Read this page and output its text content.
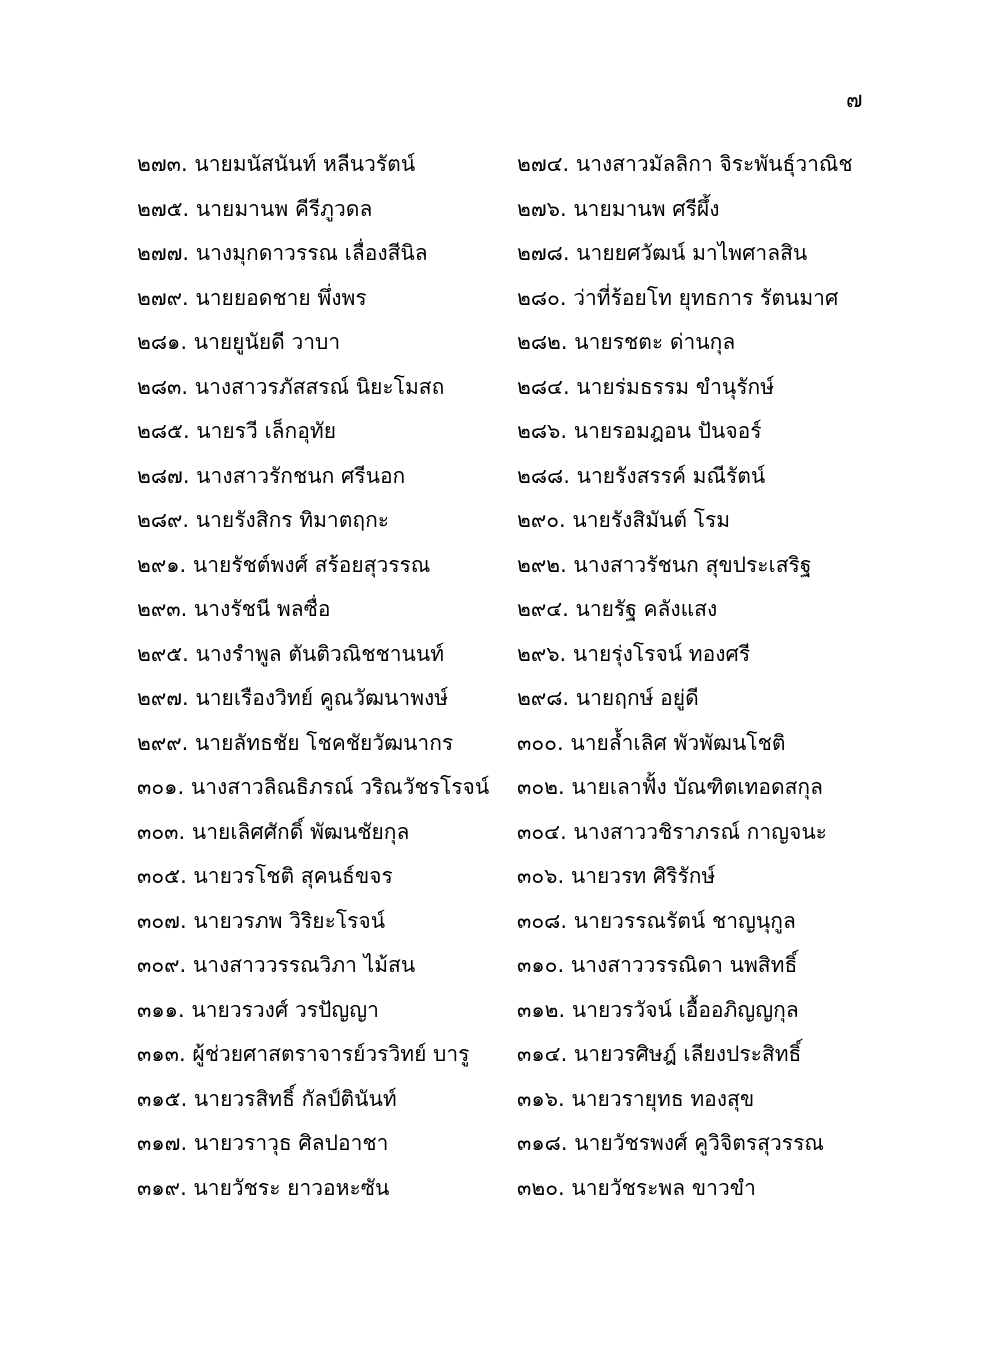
๗
๒๗๓. นายมนัสนันท์ หลีนวรัตน์	๒๗๔. นางสาวมัลลิกา จิระพันธุ์วาณิช
๒๗๕. นายมานพ คีรีภูวดล	๒๗๖. นายมานพ ศรีผึ้ง
๒๗๗. นางมุกดาวรรณ เลื่องสีนิล	๒๗๘. นายยศวัฒน์ มาไพศาลสิน
๒๗๙. นายยอดชาย พึ่งพร	๒๘๐. ว่าที่ร้อยโท ยุทธการ รัตนมาศ
๒๘๑. นายยูนัยดี วาบา	๒๘๒. นายรชตะ ด่านกุล
๒๘๓. นางสาวรภัสสรณ์ นิยะโมสถ	๒๘๔. นายร่มธรรม ขำนุรักษ์
๒๘๕. นายรวี เล็กอุทัย	๒๘๖. นายรอมฎอน ปันจอร์
๒๘๗. นางสาวรักชนก ศรีนอก	๒๘๘. นายรังสรรค์ มณีรัตน์
๒๘๙. นายรังสิกร ทิมาตฤกะ	๒๙๐. นายรังสิมันต์ โรม
๒๙๑. นายรัชต์พงศ์ สร้อยสุวรรณ	๒๙๒. นางสาวรัชนก สุขประเสริฐ
๒๙๓. นางรัชนี พลซื่อ	๒๙๔. นายรัฐ คลังแสง
๒๙๕. นางรำพูล ตันติวณิชชานนท์	๒๙๖. นายรุ่งโรจน์ ทองศรี
๒๙๗. นายเรืองวิทย์ คูณวัฒนาพงษ์	๒๙๘. นายฤกษ์ อยู่ดี
๒๙๙. นายลัทธชัย โชคชัยวัฒนากร	๓๐๐. นายล้ำเลิศ พัวพัฒนโชติ
๓๐๑. นางสาวลิณธิภรณ์ วริณวัชรโรจน์	๓๐๒. นายเลาฟั้ง บัณฑิตเทอดสกุล
๓๐๓. นายเลิศศักดิ์ พัฒนชัยกุล	๓๐๔. นางสาววชิราภรณ์ กาญจนะ
๓๐๕. นายวรโชติ สุคนธ์ขจร	๓๐๖. นายวรท ศิริรักษ์
๓๐๗. นายวรภพ วิริยะโรจน์	๓๐๘. นายวรรณรัตน์ ชาญนุกูล
๓๐๙. นางสาววรรณวิภา ไม้สน	๓๑๐. นางสาววรรณิดา นพสิทธิ์
๓๑๑. นายวรวงศ์ วรปัญญา	๓๑๒. นายวรวัจน์ เอื้ออภิญญกุล
๓๑๓. ผู้ช่วยศาสตราจารย์วรวิทย์ บารู	๓๑๔. นายวรศิษฎ์ เลียงประสิทธิ์
๓๑๕. นายวรสิทธิ์ กัลป์ตินันท์	๓๑๖. นายวรายุทธ ทองสุข
๓๑๗. นายวราวุธ ศิลปอาชา	๓๑๘. นายวัชรพงศ์ คูวิจิตรสุวรรณ
๓๑๙. นายวัชระ ยาวอหะซัน	๓๒๐. นายวัชระพล ขาวขำ
